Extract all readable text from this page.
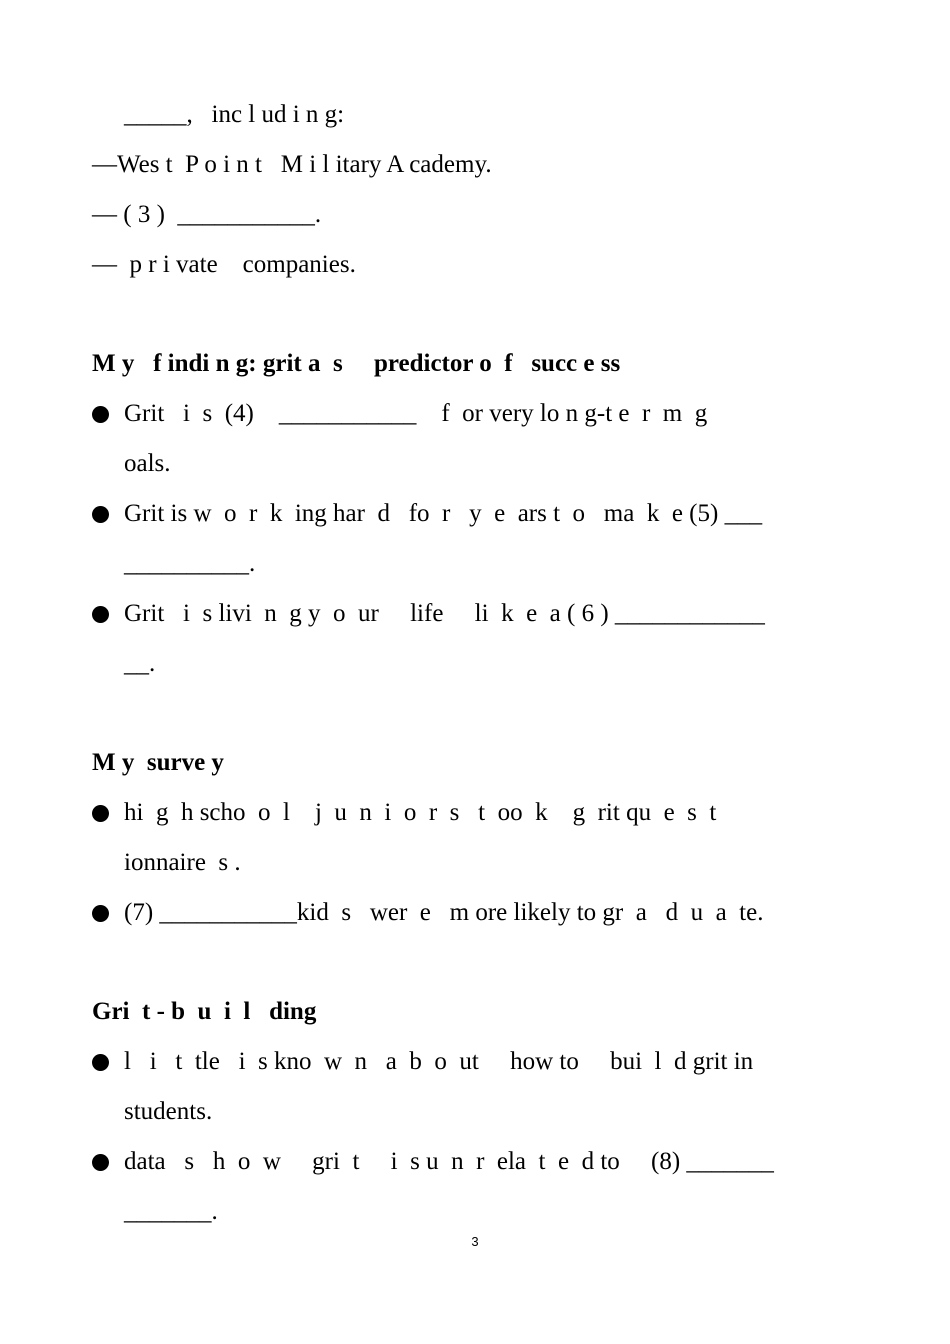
_____,   inc l ud i n g:
—Wes t  P o i n t   M i l itary A cademy.
— ( 3 )  ___________.
—  p r i vate    companies.
M y   f indi n g: grit a  s     predictor o  f   succ e ss
Grit   i  s  (4)    ___________    f  or very lo n g-t e  r  m  g
oals.
Grit is w  o  r  k  ing har  d   fo  r   y  e  ars t  o   ma  k  e (5) ___
__________.
Grit   i  s livi  n  g y  o  ur     life     li  k  e  a ( 6 ) ____________
__.
M y  surve y
hi  g  h scho  o  l    j  u  n  i  o  r  s   t  oo  k    g  rit qu  e  s  t
ionnaire  s .
(7) ___________kid  s   wer  e   m ore likely to gr  a   d  u  a  te.
Gri  t - b  u  i  l   ding
l   i   t  tle   i  s kno  w  n   a  b  o  ut     how to     bui  l  d grit in
students.
data   s   h  o  w     gri  t     i  s u  n  r  ela  t  e  d to     (8) _______
_______.
3
